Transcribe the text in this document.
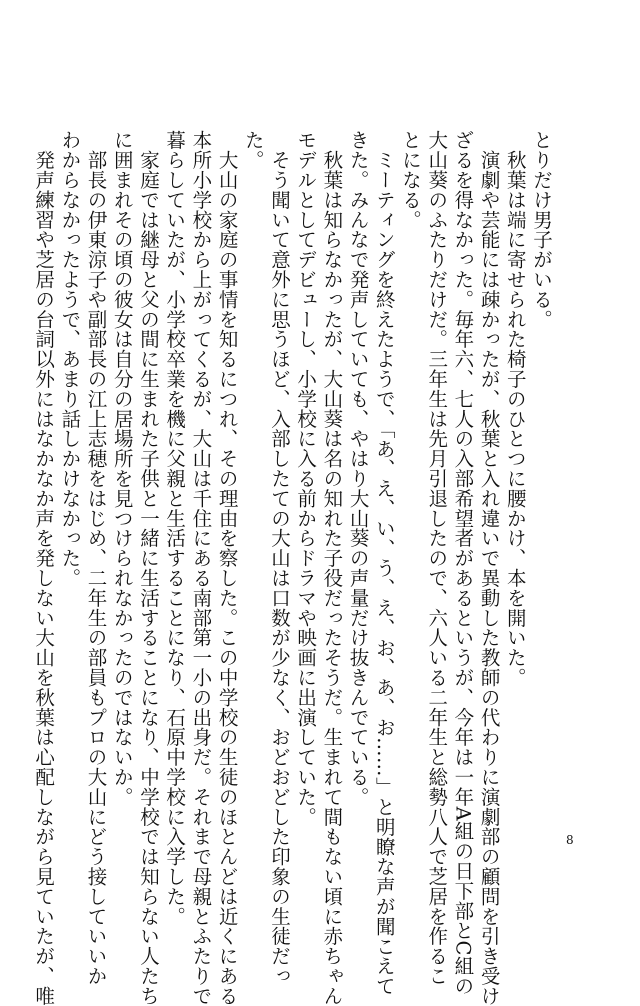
とりだけ男子がいる。
　秋葉は端に寄せられた椅子のひとつに腰かけ、本を開いた。
　演劇や芸能には疎かったが、秋葉と入れ違いで異動した教師の代わりに演劇部の顧問を引き受け
ざるを得なかった。毎年六、七人の入部希望者があるというが、今年は一年A組の日下部とC組の
大山葵のふたりだけだ。三年生は先月引退したので、六人いる二年生と総勢八人で芝居を作るこ
とになる。
　ミーティングを終えたようで、「あ、え、い、う、え、お、あ、お……」と明瞭な声が聞こえて
きた。みんなで発声していても、やはり大山葵の声量だけ抜きんでている。
　秋葉は知らなかったが、大山葵は名の知れた子役だったそうだ。生まれて間もない頃に赤ちゃん
モデルとしてデビューし、小学校に入る前からドラマや映画に出演していた。
　そう聞いて意外に思うほど、入部したての大山は口数が少なく、おどおどした印象の生徒だっ
た。
　大山の家庭の事情を知るにつれ、その理由を察した。この中学校の生徒のほとんどは近くにある
本所小学校から上がってくるが、大山は千住にある南部第一小の出身だ。それまで母親とふたりで
暮らしていたが、小学校卒業を機に父親と生活することになり、石原中学校に入学した。
　家庭では継母と父の間に生まれた子供と一緒に生活することになり、中学校では知らない人たち
に囲まれその頃の彼女は自分の居場所を見つけられなかったのではないか。
　部長の伊東涼子や副部長の江上志穂をはじめ、二年生の部員もプロの大山にどう接していいか
わからなかったようで、あまり話しかけなかった。
　発声練習や芝居の台詞以外にはなかなか声を発しない大山を秋葉は心配しながら見ていたが、唯	8
